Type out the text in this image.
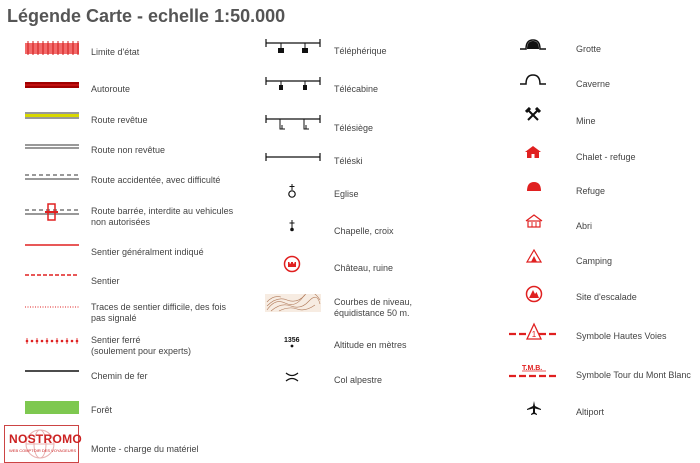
Légende Carte - echelle 1:50.000
Limite d'état
Autoroute
Route revêtue
Route non revêtue
Route accidentée, avec difficulté
Route barrée, interdite au vehicules
non autorisées
Sentier généralment indiqué
Sentier
Traces de sentier difficile, des fois
pas signalé
Sentier ferré
(soulement pour experts)
Chemin de fer
Forêt
Monte - charge du matériel
NOSTROMO
WEB COMPTOIR DES VOYAGEURS
Téléphérique
Télécabine
Télésiège
Téléski
Eglise
Chapelle, croix
Château, ruine
Courbes de niveau,
équidistance 50 m.
1356	Altitude en mètres
Col alpestre
Grotte
Caverne
Mine
Chalet - refuge
Refuge
Abri
Camping
Site d'escalade
1	Symbole Hautes Voies
T.M.B.
Symbole Tour du Mont Blanc
Altiport
